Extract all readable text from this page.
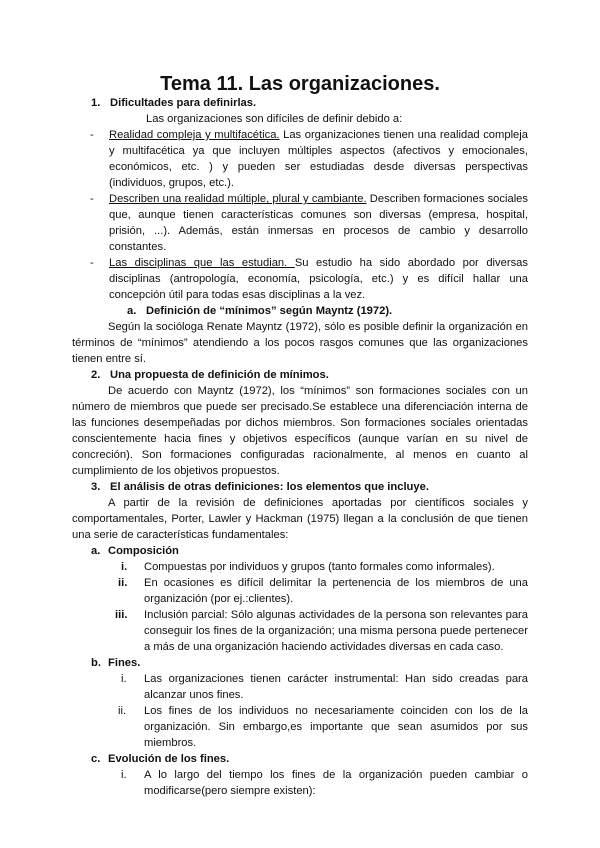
Tema 11. Las organizaciones.
1. Dificultades para definirlas.
Las organizaciones son difíciles de definir debido a:
- Realidad compleja y multifacética. Las organizaciones tienen una realidad compleja
y multifacética ya que incluyen múltiples aspectos (afectivos y emocionales,
económicos, etc. ) y pueden ser estudiadas desde diversas perspectivas
(individuos, grupos, etc.).
- Describen una realidad múltiple, plural y cambiante. Describen formaciones sociales
que, aunque tienen características comunes son diversas (empresa, hospital,
prisión, ...). Además, están inmersas en procesos de cambio y desarrollo
constantes.
- Las disciplinas que las estudian. Su estudio ha sido abordado por diversas
disciplinas (antropología, economía, psicología, etc.) y es difícil hallar una
concepción útil para todas esas disciplinas a la vez.
a. Definición de “mínimos” según Mayntz (1972).
Según la socióloga Renate Mayntz (1972), sólo es posible definir la organización en
términos de “mínimos” atendiendo a los pocos rasgos comunes que las organizaciones
tienen entre sí.
2. Una propuesta de definición de mínimos.
De acuerdo con Mayntz (1972), los “mínimos” son formaciones sociales con un
número de miembros que puede ser precisado.Se establece una diferenciación interna de
las funciones desempeñadas por dichos miembros. Son formaciones sociales orientadas
conscientemente hacia fines y objetivos específicos (aunque varían en su nivel de
concreción). Son formaciones configuradas racionalmente, al menos en cuanto al
cumplimiento de los objetivos propuestos.
3. El análisis de otras definiciones: los elementos que incluye.
A partir de la revisión de definiciones aportadas por científicos sociales y
comportamentales, Porter, Lawler y Hackman (1975) llegan a la conclusión de que tienen
una serie de características fundamentales:
a. Composición
i. Compuestas por individuos y grupos (tanto formales como informales).
ii. En ocasiones es difícil delimitar la pertenencia de los miembros de una
organización (por ej.:clientes).
iii. Inclusión parcial: Sólo algunas actividades de la persona son relevantes para
conseguir los fines de la organización; una misma persona puede pertenecer
a más de una organización haciendo actividades diversas en cada caso.
b. Fines.
i. Las organizaciones tienen carácter instrumental: Han sido creadas para
alcanzar unos fines.
ii. Los fines de los individuos no necesariamente coinciden con los de la
organización. Sin embargo,es importante que sean asumidos por sus
miembros.
c. Evolución de los fines.
i. A lo largo del tiempo los fines de la organización pueden cambiar o
modificarse(pero siempre existen):
